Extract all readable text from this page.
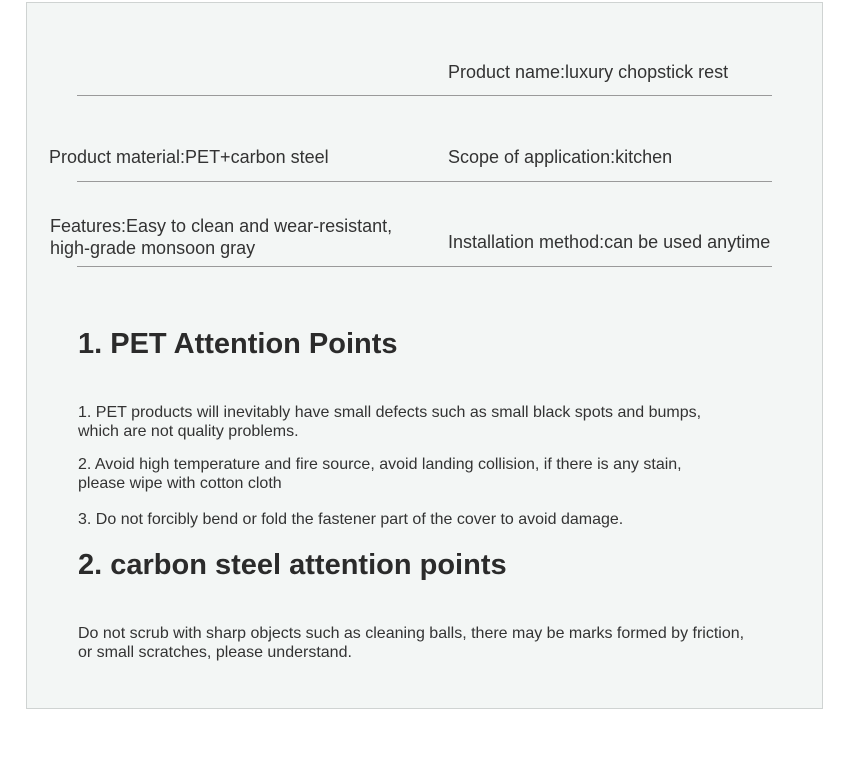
Product name:luxury chopstick rest
Product material:PET+carbon steel	Scope of application:kitchen
Features:Easy to clean and wear-resistant,
high-grade monsoon gray	Installation method:can be used anytime
1. PET Attention Points
1. PET products will inevitably have small defects such as small black spots and bumps,
which are not quality problems.
2. Avoid high temperature and fire source, avoid landing collision, if there is any stain,
please wipe with cotton cloth
3. Do not forcibly bend or fold the fastener part of the cover to avoid damage.
2. carbon steel attention points
Do not scrub with sharp objects such as cleaning balls, there may be marks formed by friction,
or small scratches, please understand.
